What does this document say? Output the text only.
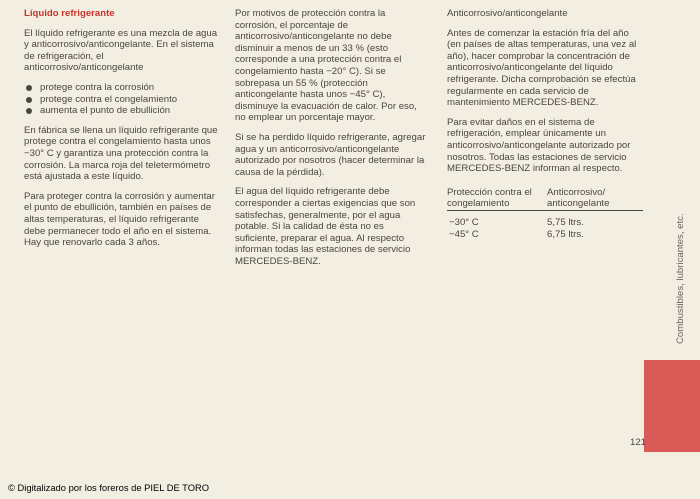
Líquido refrigerante

El líquido refrigerante es una mezcla de agua y anticorrosivo/anticongelante. En el sistema de refrigeración, el anticorrosivo/anticongelante

protege contra la corrosión
protege contra el congelamiento
aumenta el punto de ebullición

En fábrica se llena un líquido refrigerante que protege contra el congelamiento hasta unos −30° C y garantiza una protección contra la corrosión. La marca roja del teletermómetro está ajustada a este líquido.

Para proteger contra la corrosión y aumentar el punto de ebullición, también en países de altas temperaturas, el líquido refrigerante debe permanecer todo el año en el sistema. Hay que renovarlo cada 3 años.

Por motivos de protección contra la corrosión, el porcentaje de anticorrosivo/anticongelante no debe disminuir a menos de un 33 % (esto corresponde a una protección contra el congelamiento hasta −20° C). Si se sobrepasa un 55 % (protección anticongelante hasta unos −45° C), disminuye la evacuación de calor. Por eso, no emplear un porcentaje mayor.

Si se ha perdido líquido refrigerante, agregar agua y un anticorrosivo/anticongelante autorizado por nosotros (hacer determinar la causa de la pérdida).

El agua del líquido refrigerante debe corresponder a ciertas exigencias que son satisfechas, generalmente, por el agua potable. Si la calidad de ésta no es suficiente, preparar el agua. Al respecto informan todas las estaciones de servicio MERCEDES-BENZ.

Anticorrosivo/anticongelante

Antes de comenzar la estación fría del año (en países de altas temperaturas, una vez al año), hacer comprobar la concentración de anticorrosivo/anticongelante del líquido refrigerante. Dicha comprobación se efectúa regularmente en cada servicio de mantenimiento MERCEDES-BENZ.

Para evitar daños en el sistema de refrigeración, emplear únicamente un anticorrosivo/anticongelante autorizado por nosotros. Todas las estaciones de servicio MERCEDES-BENZ informan al respecto.

Protección contra el congelamiento	Anticorrosivo/ anticongelante
−30° C	5,75 ltrs.
−45° C	6,75 ltrs.	Combustibles, lubricantes, etc.
121
© Digitalizado por los foreros de PIEL DE TORO
